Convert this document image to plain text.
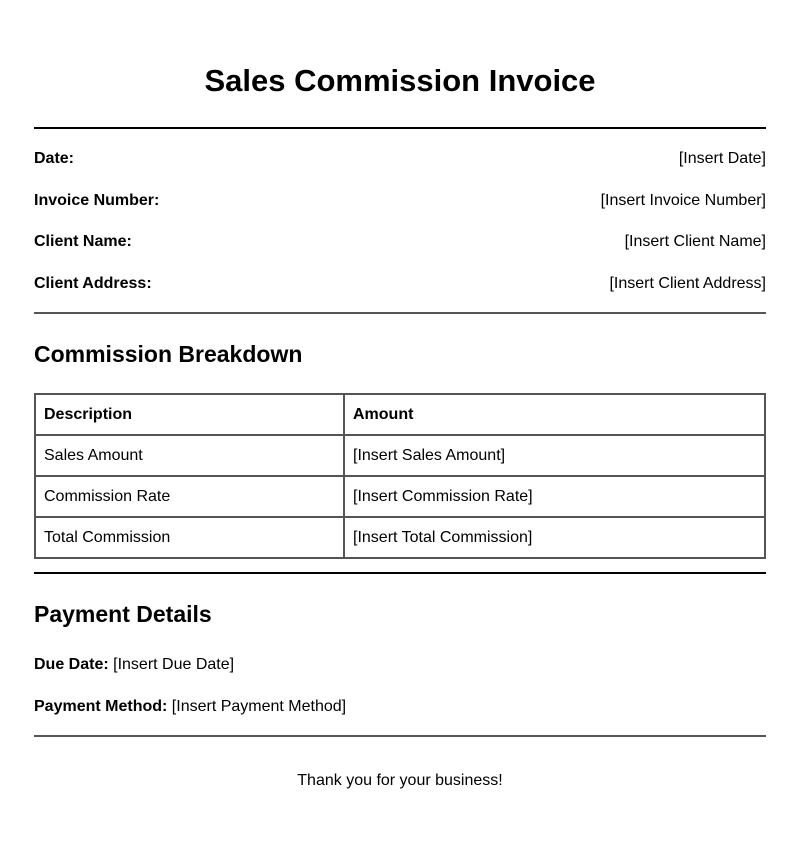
Sales Commission Invoice
Date:	[Insert Date]
Invoice Number:	[Insert Invoice Number]
Client Name:	[Insert Client Name]
Client Address:	[Insert Client Address]
Commission Breakdown
Description	Amount
Sales Amount	[Insert Sales Amount]
Commission Rate	[Insert Commission Rate]
Total Commission	[Insert Total Commission]
Payment Details
Due Date: [Insert Due Date]
Payment Method: [Insert Payment Method]
Thank you for your business!
